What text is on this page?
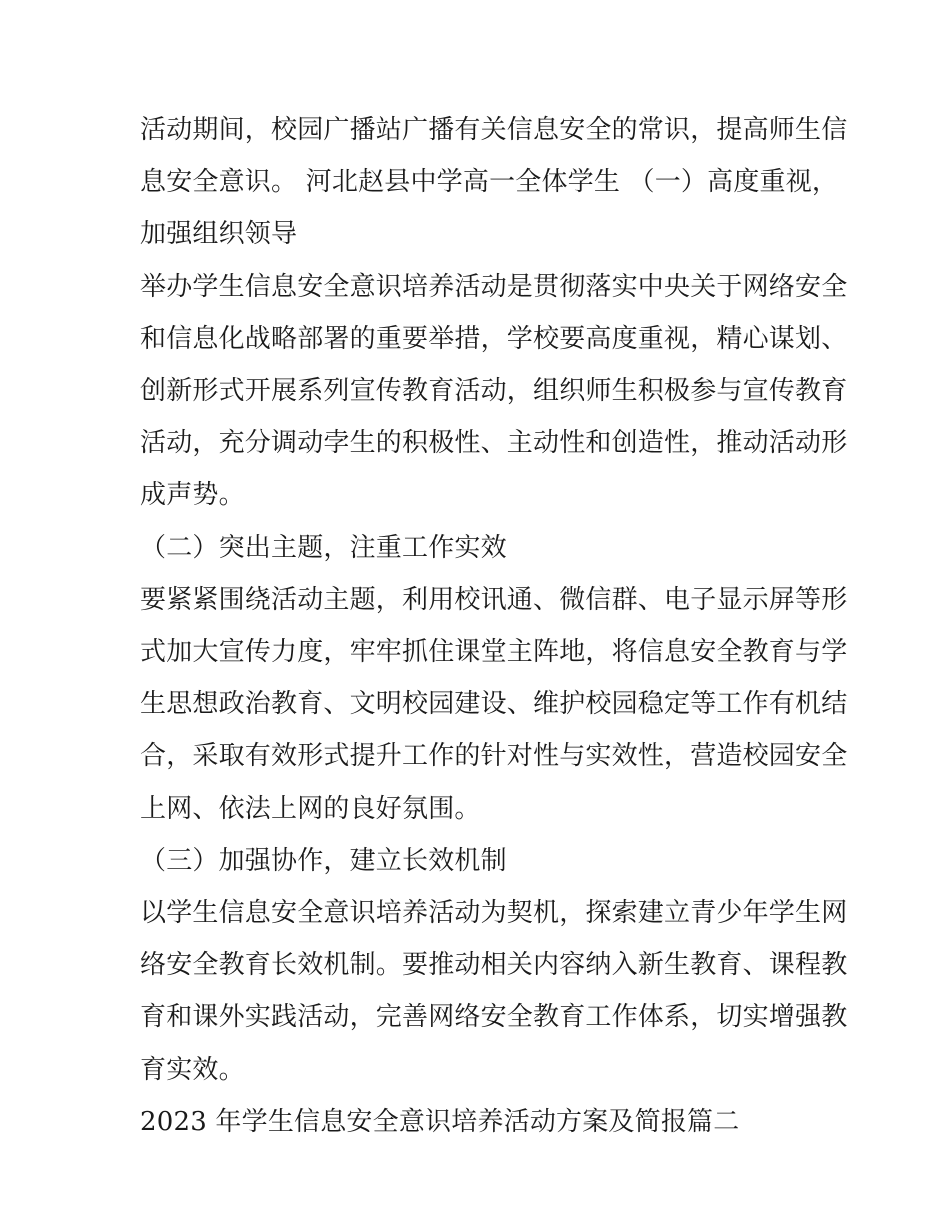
活动期间，校园广播站广播有关信息安全的常识，提高师生信

息安全意识。 河北赵县中学高一全体学生 （一）高度重视，

加强组织领导

举办学生信息安全意识培养活动是贯彻落实中央关于网络安全

和信息化战略部署的重要举措，学校要高度重视，精心谋划、

创新形式开展系列宣传教育活动，组织师生积极参与宣传教育

活动，充分调动孛生的积极性、主动性和创造性，推动活动形

成声势。

（二）突出主题，注重工作实效

要紧紧围绕活动主题，利用校讯通、微信群、电子显示屏等形

式加大宣传力度，牢牢抓住课堂主阵地，将信息安全教育与学

生思想政治教育、文明校园建设、维护校园稳定等工作有机结

合，采取有效形式提升工作的针对性与实效性，营造校园安全

上网、依法上网的良好氛围。

（三）加强协作，建立长效机制

以学生信息安全意识培养活动为契机，探索建立青少年学生网

络安全教育长效机制。要推动相关内容纳入新生教育、课程教

育和课外实践活动，完善网络安全教育工作体系，切实增强教

育实效。

2023 年学生信息安全意识培养活动方案及简报篇二
